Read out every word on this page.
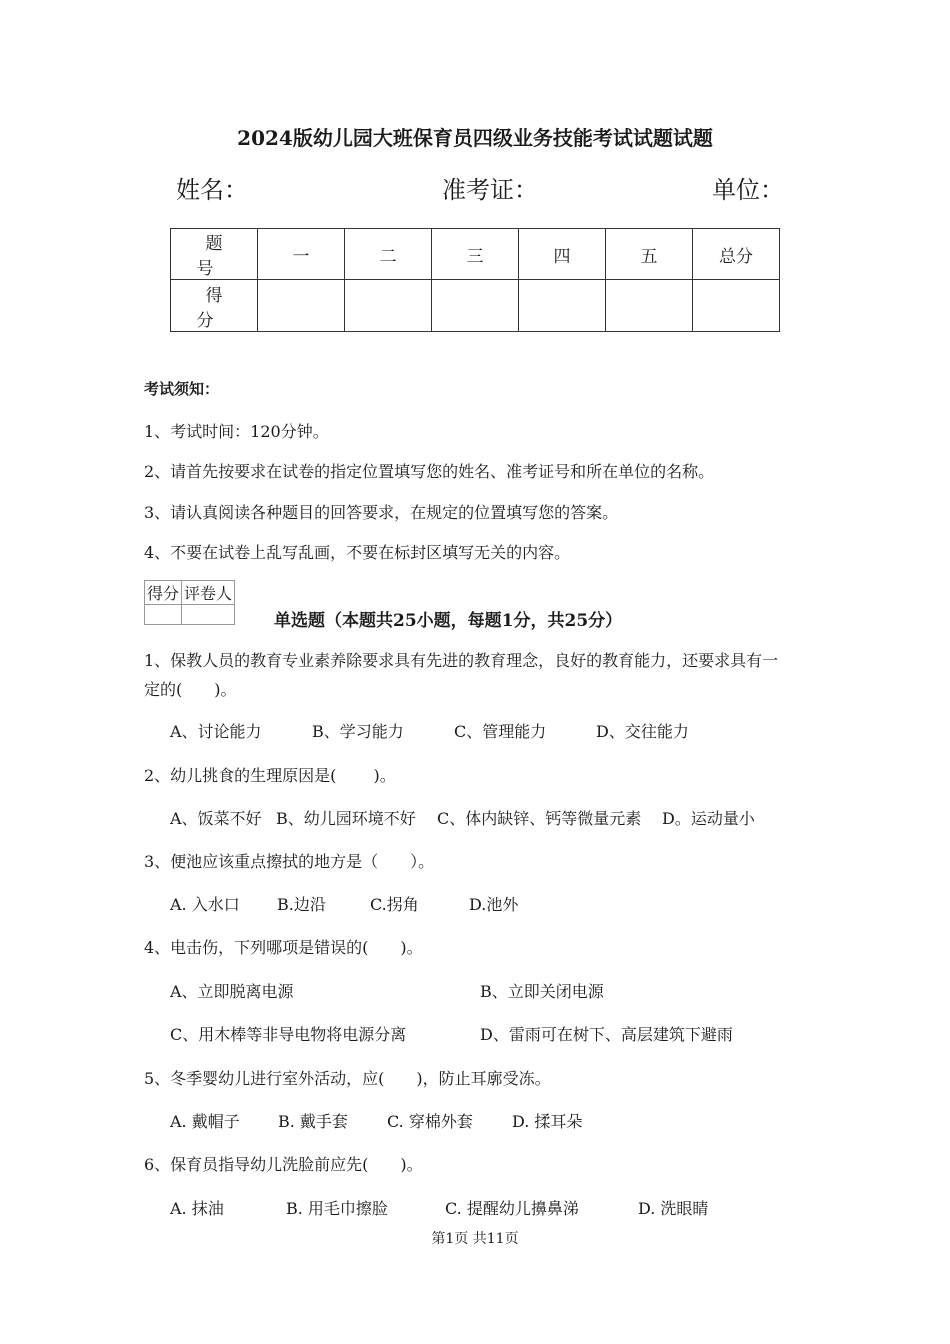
2024版幼儿园大班保育员四级业务技能考试试题试题
姓名：	准考证：	单位：
题号	一	二	三	四	五	总分
得分						
考试须知：
1、考试时间：120分钟。
2、请首先按要求在试卷的指定位置填写您的姓名、准考证号和所在单位的名称。
3、请认真阅读各种题目的回答要求，在规定的位置填写您的答案。
4、不要在试卷上乱写乱画，不要在标封区填写无关的内容。
得分	评卷人

单选题（本题共25小题，每题1分，共25分）
1、保教人员的教育专业素养除要求具有先进的教育理念，良好的教育能力，还要求具有一
定的(　　)。
A、讨论能力	B、学习能力	C、管理能力	D、交往能力
2、幼儿挑食的生理原因是(　　 )。
A、饭菜不好 B、幼儿园环境不好 C、体内缺锌、钙等微量元素 D。运动量小
3、便池应该重点擦拭的地方是（　　）。
A. 入水口 B.边沿	C.拐角	D.池外
4、电击伤，下列哪项是错误的(　　)。
A、立即脱离电源	B、立即关闭电源
C、用木棒等非导电物将电源分离	D、雷雨可在树下、高层建筑下避雨
5、冬季婴幼儿进行室外活动，应(　　)，防止耳廓受冻。
A. 戴帽子 B. 戴手套 C. 穿棉外套 D. 揉耳朵
6、保育员指导幼儿洗脸前应先(　　)。
A. 抹油	B. 用毛巾擦脸	C. 提醒幼儿擤鼻涕	D. 洗眼睛
第1页 共11页
